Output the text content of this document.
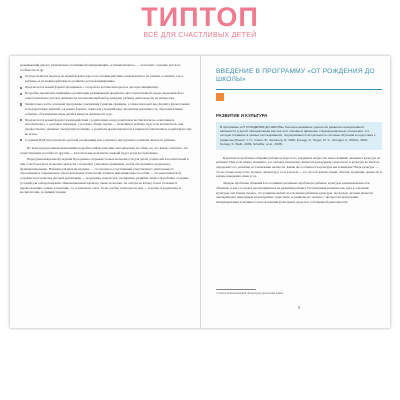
ТИПТОП
ВСЁ ДЛЯ СЧАСТЛИВЫХ ДЕТЕЙ

развивающий диалог, уважительно-позитивной коммуникации, «гуманистичного» — позволяет создание детского сообщества и др.

Осуществляется переход на новый формат взрослого взаимодействия, направленного на умение «слышать голос ребенка» и на взаимодействие на развитие детской инициативы.
Предлагается новый формат праздников, с опорой на детские интересы и детскую инициативу.
Подробно прописаны принципы организации развивающей предметно-пространственной среды, выделяемой на самостоятельное детское активности и позволяющей выбор каждому ребенку деятельности по интересам.
Значительно часть основной программы содержания (занятия, примеры, а также проходят вне формате фронтальных и подгрупповых занятий, а в новых формах, таких как утренний круг, проектная деятельность, образовательные события, обогащенные игры детей в центрах активности и др.
Предлагается новый формат взаимодействия с родителями, когда родители и воспитатели не «заказчики и исполнители», а «деловые партнеры, у которых общие задачи — позитивное ребенка, при этом воспитатель, как профессионал, занимает экспертную позицию, а родители предназначаются к новым воспитателям и содействуют ему во всем».
Создание НДР (пространство детской реализации) как основного инструмента развития личности ребенка.

По всем предлагаемым инновациям подробно найти описание методических пособия, но, что важно отметить, что существующие пособия по другим — классические конспекты занятий будут когда востребованы.

Перед (инновационной) задачей Программы открывает новые возможности для детей, родителей и воспитателей в при этом более всех позволяет при всем с позволяет учитывать принципы, чтобы обеспечивать предельное функционирование. Начиная для многих издание — это вполне в естественный следственного двигательного образования и современных образовательных технологий. Главное инновационное пособия — это выполняется на создание пространства детской реализации — поддержку творчества, поощрения, развитие личности ребенка, создание условий для самореализации. Инновационный характер также позволяет, не смотря на взгляд, более сложных и предположения, однако в практике, то, в конечном счете, более удобен и интересен нам — и детям, и родителям, и воспитателям, и администрации.

ВВЕДЕНИЕ В ПРОГРАММУ «ОТ РОЖДЕНИЯ ДО ШКОЛЫ»
РАЗВИТИЕ И КУЛЬТУРА

В программе «ОТ РОЖДЕНИЯ ДО ШКОЛЫ» большое внимание уделяется развитию инициативной активности и детей. Инициативная как она этот основных движение и функциональные отношения, что сегодня отражено в разных исследованиях, подчеркивается актуальность системы обучения в подготовке к развитию (Flavell, J. H., Green, B., Steinberg, R, 1990; Fonagy, P., Target, M. S., Stronger, A. Whittle, 2002; Sontag, S. Walls, 2009, Schaffer, et al., 2005).

В контексте проблемы общения ребенка и взрослого зададимся вопросом: какое влияние оказывает культура на ребенка? При этом важно понимать, что человек изначально является культурным существом, и культура во многом определяет его развитие и становление личности. Какие же особенности культуры мы понимаем? Ведь культура — это не только искусство, музыка, литература, но и в целом — это способ жизни людей, обычаи, традиции, ценности и нормы поведения, язык и т.д.

Лидеры проблемы общения в постояннии различных проблем на ребенка, культуры и инновационности, общения, и как это может рассматриваться на развитии ребенка. Рассматривая развитие как путь к освоению культуры, мы можем сказать, что развитие является освоением ребенком культуры, поскольку человек является одновременно природным и культурным существом, и развитие его связано с процессом присвоения, интериоризации и активного использования культурных средств в собственной деятельности.

¹ Список использованной литературы дан в конце книги.
9
